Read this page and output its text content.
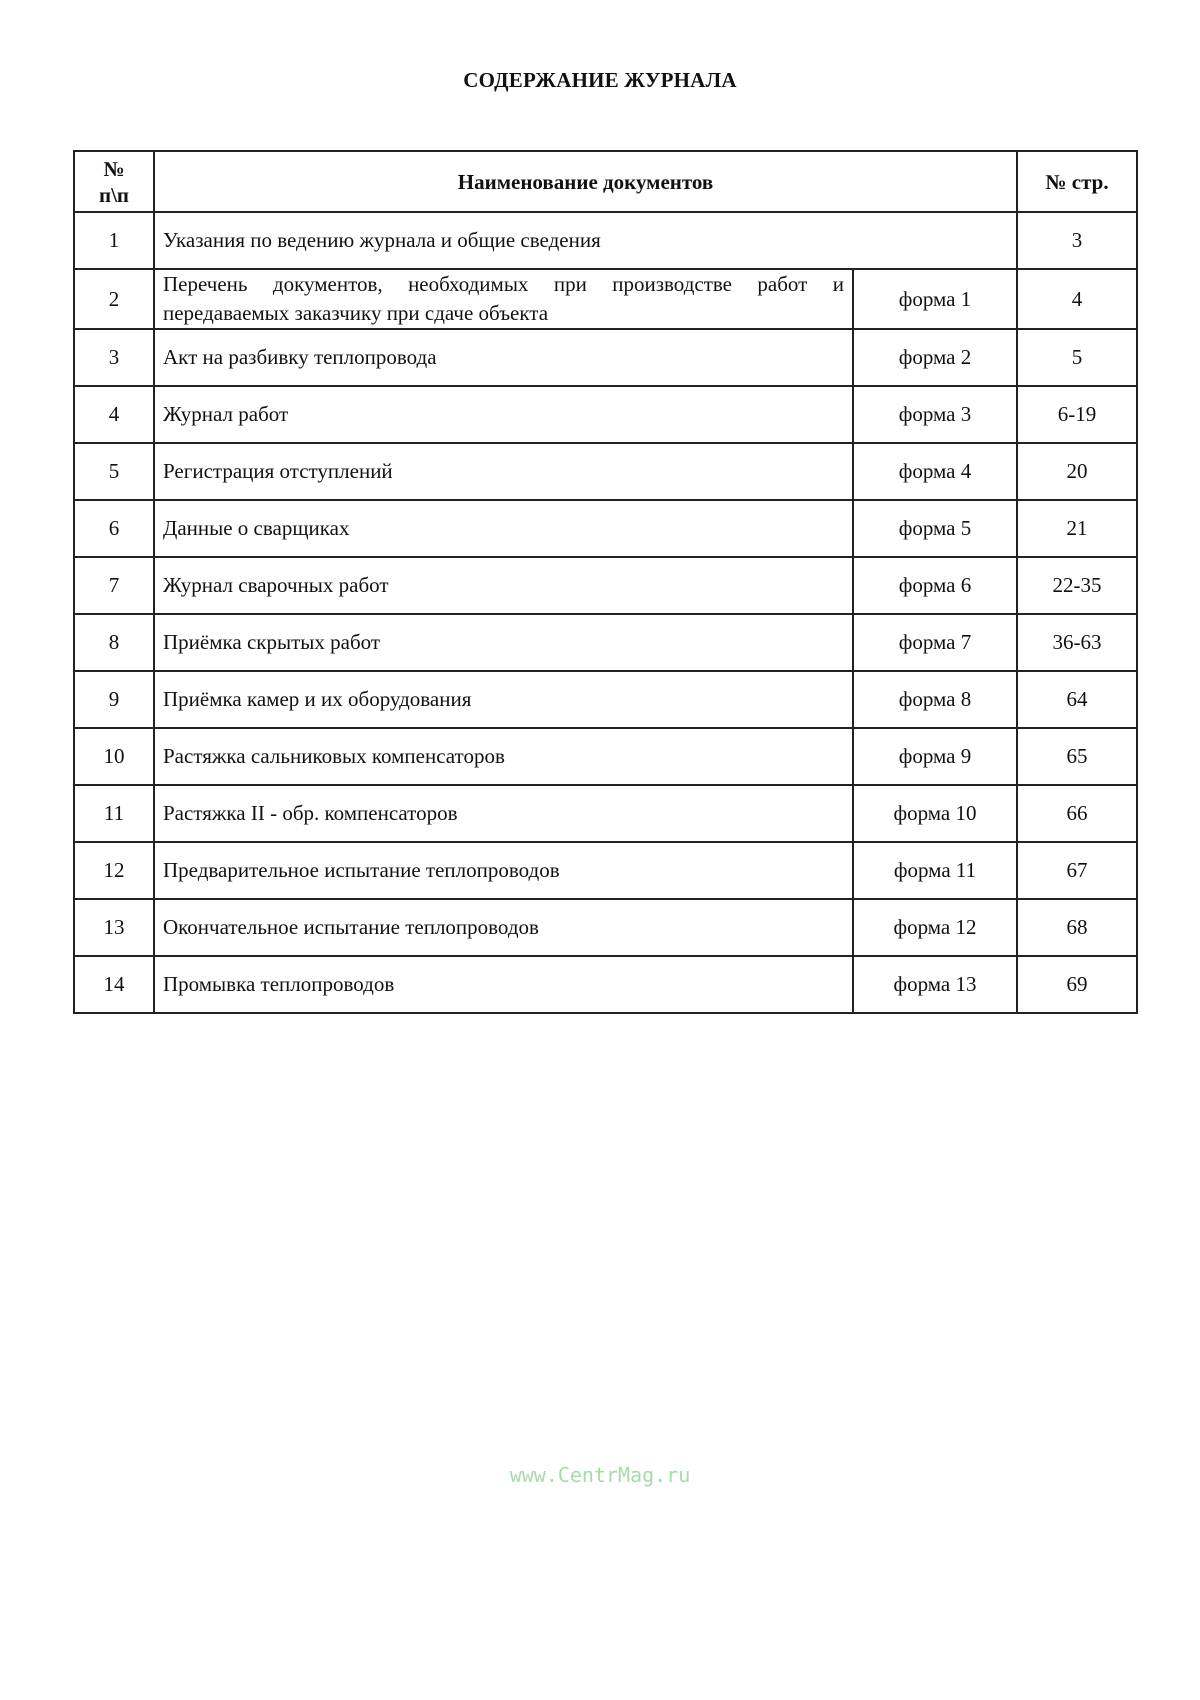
СОДЕРЖАНИЕ ЖУРНАЛА
№ п\п	Наименование документов		№ стр.
1	Указания по ведению журнала и общие сведения		3
2	Перечень документов, необходимых при производстве работ и передаваемых заказчику при сдаче объекта	форма 1	4
3	Акт на разбивку теплопровода	форма 2	5
4	Журнал работ	форма 3	6-19
5	Регистрация отступлений	форма 4	20
6	Данные о сварщиках	форма 5	21
7	Журнал сварочных работ	форма 6	22-35
8	Приёмка скрытых работ	форма 7	36-63
9	Приёмка камер и их оборудования	форма 8	64
10	Растяжка сальниковых компенсаторов	форма 9	65
11	Растяжка II - обр. компенсаторов	форма 10	66
12	Предварительное испытание теплопроводов	форма 11	67
13	Окончательное испытание теплопроводов	форма 12	68
14	Промывка теплопроводов	форма 13	69
www.CentrMag.ru
